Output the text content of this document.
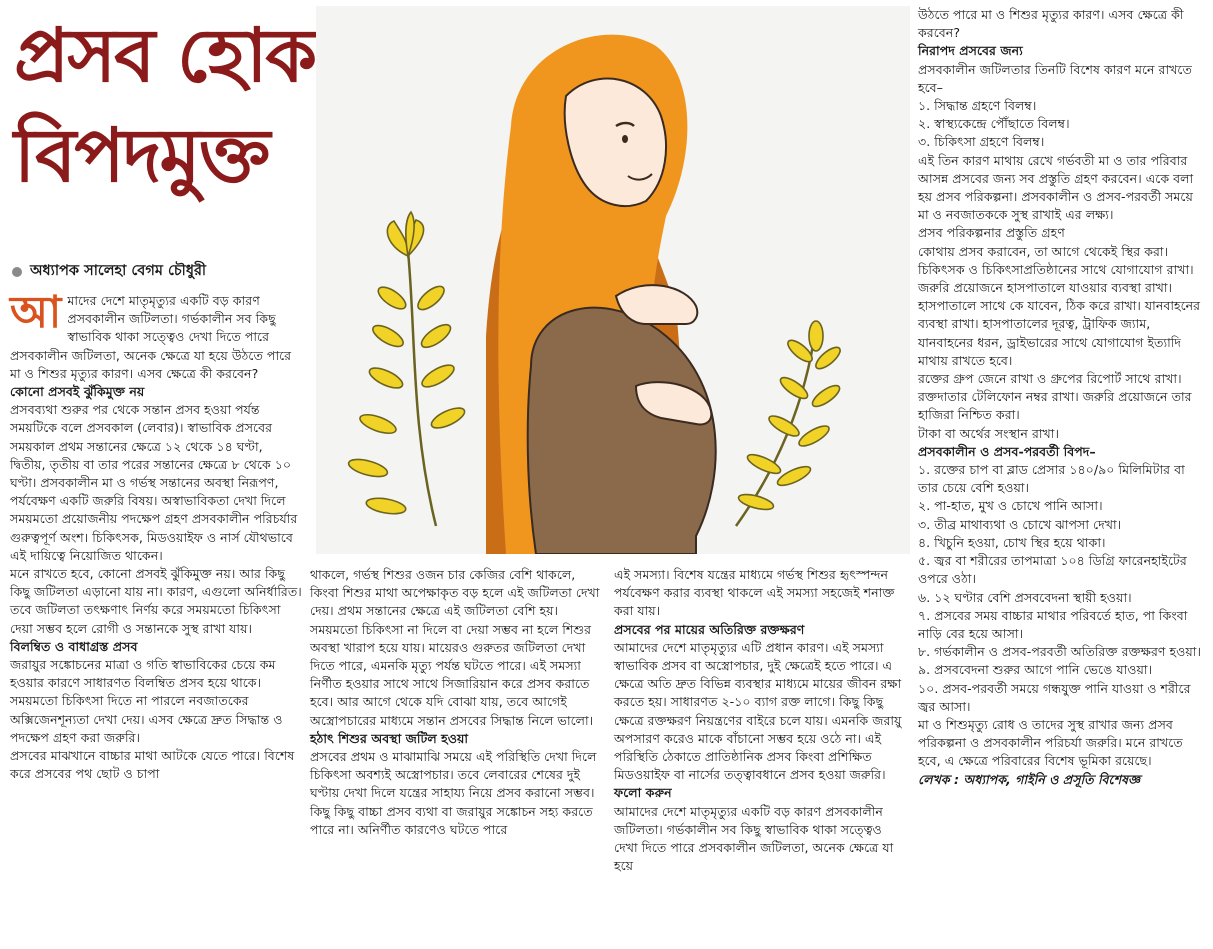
প্রসব হোক
বিপদমুক্ত

অধ্যাপক সালেহা বেগম চৌধুরী

আ মাদের দেশে মাতৃমৃত্যুর একটি বড় কারণ প্রসবকালীন জটিলতা। গর্ভকালীন সব কিছু স্বাভাবিক থাকা সত্ত্বেও দেখা দিতে পারে প্রসবকালীন জটিলতা, অনেক ক্ষেত্রে যা হয়ে উঠতে পারে মা ও শিশুর মৃত্যুর কারণ। এসব ক্ষেত্রে কী করবেন?

কোনো প্রসবই ঝুঁকিমুক্ত নয়

প্রসবব্যথা শুরুর পর থেকে সন্তান প্রসব হওয়া পর্যন্ত সময়টিকে বলে প্রসবকাল (লেবার)। স্বাভাবিক প্রসবের সময়কাল প্রথম সন্তানের ক্ষেত্রে ১২ থেকে ১৪ ঘণ্টা, দ্বিতীয়, তৃতীয় বা তার পরের সন্তানের ক্ষেত্রে ৮ থেকে ১০ ঘণ্টা। প্রসবকালীন মা ও গর্ভস্থ সন্তানের অবস্থা নিরূপণ, পর্যবেক্ষণ একটি জরুরি বিষয়। অস্বাভাবিকতা দেখা দিলে সময়মতো প্রয়োজনীয় পদক্ষেপ গ্রহণ প্রসবকালীন পরিচর্যার গুরুত্বপূর্ণ অংশ। চিকিৎসক, মিডওয়াইফ ও নার্স যৌথভাবে এই দায়িত্বে নিয়োজিত থাকেন।

মনে রাখতে হবে, কোনো প্রসবই ঝুঁকিমুক্ত নয়। আর কিছু কিছু জটিলতা এড়ানো যায় না। কারণ, এগুলো অনির্ধারিত। তবে জটিলতা তৎক্ষণাৎ নির্ণয় করে সময়মতো চিকিৎসা দেয়া সম্ভব হলে রোগী ও সন্তানকে সুস্থ রাখা যায়।

বিলম্বিত ও বাধাগ্রস্ত প্রসব

জরায়ুর সঙ্কোচনের মাত্রা ও গতি স্বাভাবিকের চেয়ে কম হওয়ার কারণে সাধারণত বিলম্বিত প্রসব হয়ে থাকে। সময়মতো চিকিৎসা দিতে না পারলে নবজাতকের অক্সিজেনশূন্যতা দেখা দেয়। এসব ক্ষেত্রে দ্রুত সিদ্ধান্ত ও পদক্ষেপ গ্রহণ করা জরুরি।

প্রসবের মাঝখানে বাচ্চার মাথা আটকে যেতে পারে। বিশেষ করে প্রসবের পথ ছোট ও চাপা

থাকলে, গর্ভস্থ শিশুর ওজন চার কেজির বেশি থাকলে, কিংবা শিশুর মাথা অপেক্ষাকৃত বড় হলে এই জটিলতা দেখা দেয়। প্রথম সন্তানের ক্ষেত্রে এই জটিলতা বেশি হয়।

সময়মতো চিকিৎসা না দিলে বা দেয়া সম্ভব না হলে শিশুর অবস্থা খারাপ হয়ে যায়। মায়েরও গুরুতর জটিলতা দেখা দিতে পারে, এমনকি মৃত্যু পর্যন্ত ঘটতে পারে। এই সমস্যা নির্ণীত হওয়ার সাথে সাথে সিজারিয়ান করে প্রসব করাতে হবে। আর আগে থেকে যদি বোঝা যায়, তবে আগেই অস্ত্রোপচারের মাধ্যমে সন্তান প্রসবের সিদ্ধান্ত নিলে ভালো।

হঠাৎ শিশুর অবস্থা জটিল হওয়া

প্রসবের প্রথম ও মাঝামাঝি সময়ে এই পরিস্থিতি দেখা দিলে চিকিৎসা অবশ্যই অস্ত্রোপচার। তবে লেবারের শেষের দুই ঘণ্টায় দেখা দিলে যন্ত্রের সাহায্য নিয়ে প্রসব করানো সম্ভব। কিছু কিছু বাচ্চা প্রসব ব্যথা বা জরায়ুর সঙ্কোচন সহ্য করতে পারে না। অনির্ণীত কারণেও ঘটতে পারে

এই সমস্যা। বিশেষ যন্ত্রের মাধ্যমে গর্ভস্থ শিশুর হৃৎস্পন্দন পর্যবেক্ষণ করার ব্যবস্থা থাকলে এই সমস্যা সহজেই শনাক্ত করা যায়।

প্রসবের পর মায়ের অতিরিক্ত রক্তক্ষরণ

আমাদের দেশে মাতৃমৃত্যুর এটি প্রধান কারণ। এই সমস্যা স্বাভাবিক প্রসব বা অস্ত্রোপচার, দুই ক্ষেত্রেই হতে পারে। এ ক্ষেত্রে অতি দ্রুত বিভিন্ন ব্যবস্থার মাধ্যমে মায়ের জীবন রক্ষা করতে হয়। সাধারণত ২-১০ ব্যাগ রক্ত লাগে। কিছু কিছু ক্ষেত্রে রক্তক্ষরণ নিয়ন্ত্রণের বাইরে চলে যায়। এমনকি জরায়ু অপসারণ করেও মাকে বাঁচানো সম্ভব হয়ে ওঠে না। এই পরিস্থিতি ঠেকাতে প্রাতিষ্ঠানিক প্রসব কিংবা প্রশিক্ষিত মিডওয়াইফ বা নার্সের তত্ত্বাবধানে প্রসব হওয়া জরুরি।

ফলো করুন

আমাদের দেশে মাতৃমৃত্যুর একটি বড় কারণ প্রসবকালীন জটিলতা। গর্ভকালীন সব কিছু স্বাভাবিক থাকা সত্ত্বেও দেখা দিতে পারে প্রসবকালীন জটিলতা, অনেক ক্ষেত্রে যা হয়ে

উঠতে পারে মা ও শিশুর মৃত্যুর কারণ। এসব ক্ষেত্রে কী করবেন?

নিরাপদ প্রসবের জন্য

প্রসবকালীন জটিলতার তিনটি বিশেষ কারণ মনে রাখতে হবে–

১. সিদ্ধান্ত গ্রহণে বিলম্ব।

২. স্বাস্থ্যকেন্দ্রে পৌঁছাতে বিলম্ব।

৩. চিকিৎসা গ্রহণে বিলম্ব।

এই তিন কারণ মাথায় রেখে গর্ভবতী মা ও তার পরিবার আসন্ন প্রসবের জন্য সব প্রস্তুতি গ্রহণ করবেন। একে বলা হয় প্রসব পরিকল্পনা। প্রসবকালীন ও প্রসব-পরবর্তী সময়ে মা ও নবজাতককে সুস্থ রাখাই এর লক্ষ্য।

প্রসব পরিকল্পনার প্রস্তুতি গ্রহণ

কোথায় প্রসব করাবেন, তা আগে থেকেই স্থির করা। চিকিৎসক ও চিকিৎসাপ্রতিষ্ঠানের সাথে যোগাযোগ রাখা।

জরুরি প্রয়োজনে হাসপাতালে যাওয়ার ব্যবস্থা রাখা।

হাসপাতালে সাথে কে যাবেন, ঠিক করে রাখা। যানবাহনের ব্যবস্থা রাখা। হাসপাতালের দূরত্ব, ট্রাফিক জ্যাম, যানবাহনের ধরন, ড্রাইভারের সাথে যোগাযোগ ইত্যাদি মাথায় রাখতে হবে।

রক্তের গ্রুপ জেনে রাখা ও গ্রুপের রিপোর্ট সাথে রাখা। রক্তদাতার টেলিফোন নম্বর রাখা। জরুরি প্রয়োজনে তার হাজিরা নিশ্চিত করা।

টাকা বা অর্থের সংস্থান রাখা।

প্রসবকালীন ও প্রসব-পরবর্তী বিপদ–

১. রক্তের চাপ বা ব্লাড প্রেসার ১৪০/৯০ মিলিমিটার বা তার চেয়ে বেশি হওয়া।

২. পা-হাত, মুখ ও চোখে পানি আসা।

৩. তীব্র মাথাব্যথা ও চোখে ঝাপসা দেখা।

৪. খিচুনি হওয়া, চোখ স্থির হয়ে থাকা।

৫. জ্বর বা শরীরের তাপমাত্রা ১০৪ ডিগ্রি ফারেনহাইটের ওপরে ওঠা।

৬. ১২ ঘণ্টার বেশি প্রসববেদনা স্থায়ী হওয়া।

৭. প্রসবের সময় বাচ্চার মাথার পরিবর্তে হাত, পা কিংবা নাড়ি বের হয়ে আসা।

৮. গর্ভকালীন ও প্রসব-পরবর্তী অতিরিক্ত রক্তক্ষরণ হওয়া।

৯. প্রসববেদনা শুরুর আগে পানি ভেঙে যাওয়া।

১০. প্রসব-পরবর্তী সময়ে গন্ধযুক্ত পানি যাওয়া ও শরীরে জ্বর আসা।

মা ও শিশুমৃত্যু রোধ ও তাদের সুস্থ রাখার জন্য প্রসব পরিকল্পনা ও প্রসবকালীন পরিচর্যা জরুরি। মনে রাখতে হবে, এ ক্ষেত্রে পরিবারের বিশেষ ভূমিকা রয়েছে।

লেখক : অধ্যাপক, গাইনি ও প্রসূতি বিশেষজ্ঞ
